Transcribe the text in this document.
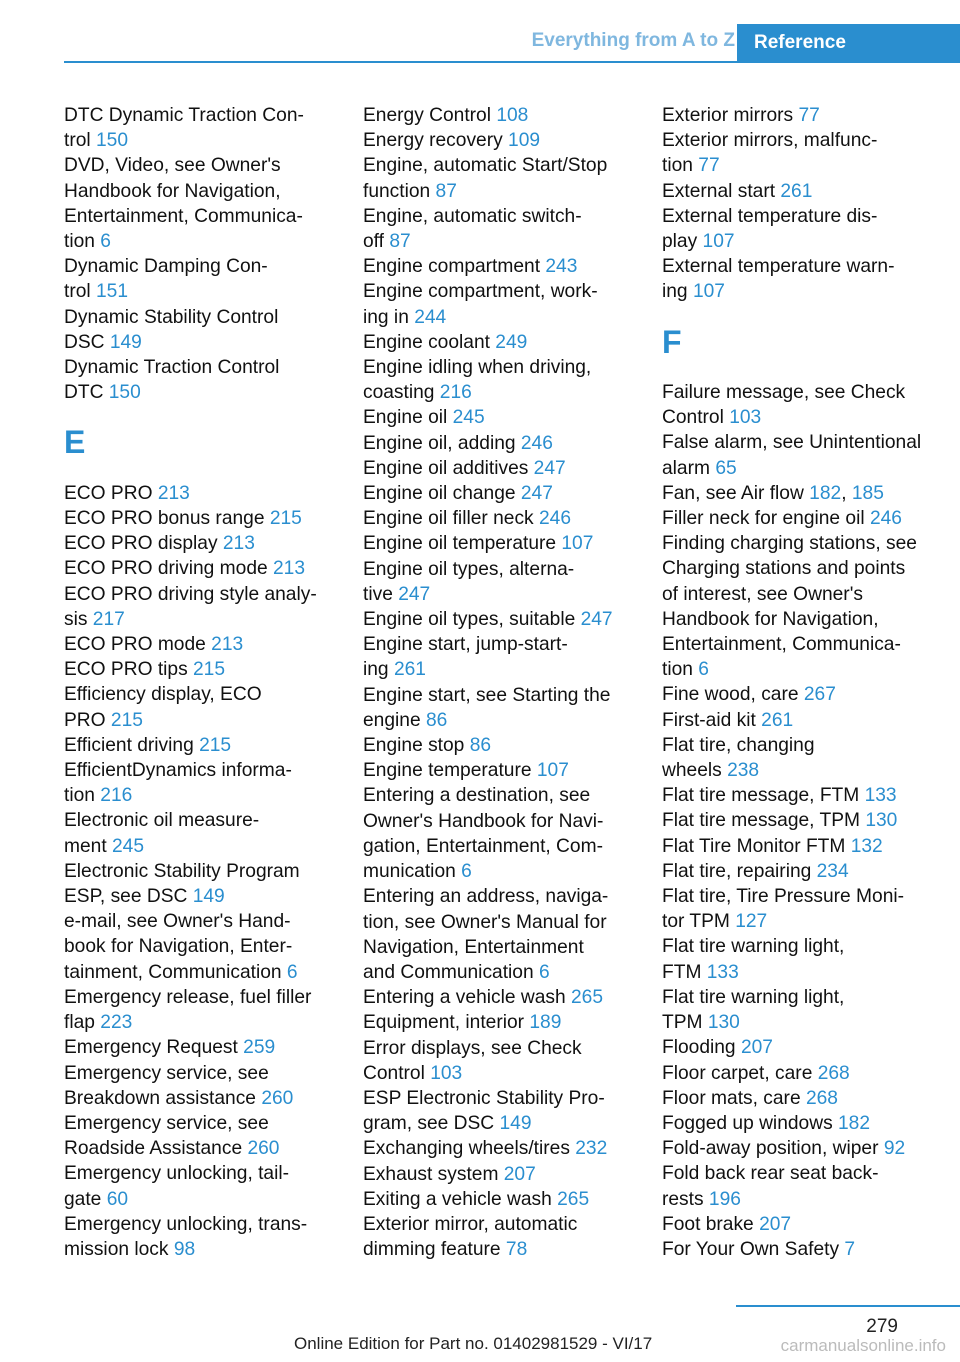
Everything from A to Z Reference
DTC Dynamic Traction Con-
trol 150
DVD, Video, see Owner's
Handbook for Navigation,
Entertainment, Communica-
tion 6
Dynamic Damping Con-
trol 151
Dynamic Stability Control
DSC 149
Dynamic Traction Control
DTC 150
E
ECO PRO 213
ECO PRO bonus range 215
ECO PRO display 213
ECO PRO driving mode 213
ECO PRO driving style analy-
sis 217
ECO PRO mode 213
ECO PRO tips 215
Efficiency display, ECO
PRO 215
Efficient driving 215
EfficientDynamics informa-
tion 216
Electronic oil measure-
ment 245
Electronic Stability Program
ESP, see DSC 149
e-mail, see Owner's Hand-
book for Navigation, Enter-
tainment, Communication 6
Emergency release, fuel filler
flap 223
Emergency Request 259
Emergency service, see
Breakdown assistance 260
Emergency service, see
Roadside Assistance 260
Emergency unlocking, tail-
gate 60
Emergency unlocking, trans-
mission lock 98
Energy Control 108
Energy recovery 109
Engine, automatic Start/Stop
function 87
Engine, automatic switch-
off 87
Engine compartment 243
Engine compartment, work-
ing in 244
Engine coolant 249
Engine idling when driving,
coasting 216
Engine oil 245
Engine oil, adding 246
Engine oil additives 247
Engine oil change 247
Engine oil filler neck 246
Engine oil temperature 107
Engine oil types, alterna-
tive 247
Engine oil types, suitable 247
Engine start, jump-start-
ing 261
Engine start, see Starting the
engine 86
Engine stop 86
Engine temperature 107
Entering a destination, see
Owner's Handbook for Navi-
gation, Entertainment, Com-
munication 6
Entering an address, naviga-
tion, see Owner's Manual for
Navigation, Entertainment
and Communication 6
Entering a vehicle wash 265
Equipment, interior 189
Error displays, see Check
Control 103
ESP Electronic Stability Pro-
gram, see DSC 149
Exchanging wheels/tires 232
Exhaust system 207
Exiting a vehicle wash 265
Exterior mirror, automatic
dimming feature 78
Exterior mirrors 77
Exterior mirrors, malfunc-
tion 77
External start 261
External temperature dis-
play 107
External temperature warn-
ing 107
F
Failure message, see Check
Control 103
False alarm, see Unintentional
alarm 65
Fan, see Air flow 182, 185
Filler neck for engine oil 246
Finding charging stations, see
Charging stations and points
of interest, see Owner's
Handbook for Navigation,
Entertainment, Communica-
tion 6
Fine wood, care 267
First-aid kit 261
Flat tire, changing
wheels 238
Flat tire message, FTM 133
Flat tire message, TPM 130
Flat Tire Monitor FTM 132
Flat tire, repairing 234
Flat tire, Tire Pressure Moni-
tor TPM 127
Flat tire warning light,
FTM 133
Flat tire warning light,
TPM 130
Flooding 207
Floor carpet, care 268
Floor mats, care 268
Fogged up windows 182
Fold-away position, wiper 92
Fold back rear seat back-
rests 196
Foot brake 207
For Your Own Safety 7
279
Online Edition for Part no. 01402981529 - VI/17	carmanualsonline.info
